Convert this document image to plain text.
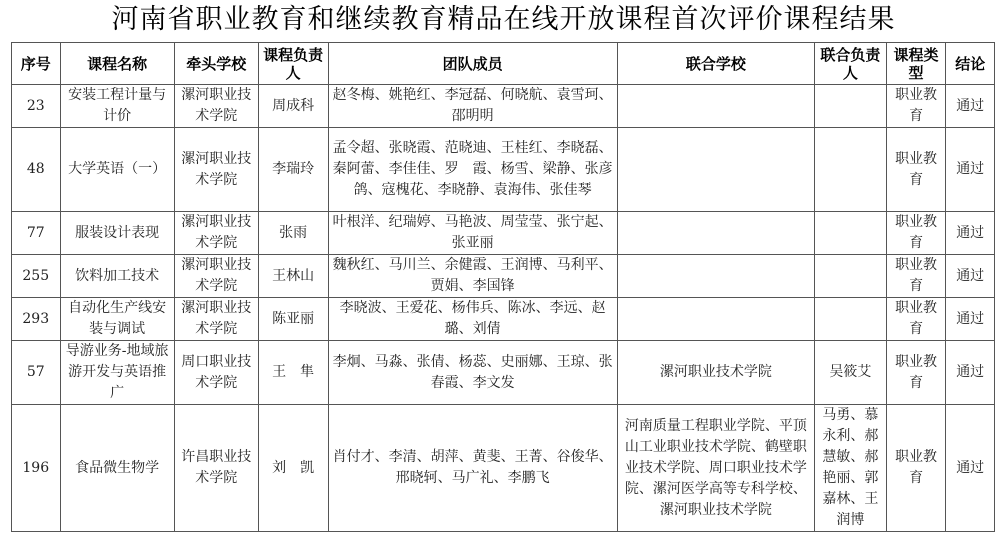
河南省职业教育和继续教育精品在线开放课程首次评价课程结果
序号	课程名称	牵头学校	课程负责人	团队成员	联合学校	联合负责人	课程类型	结论
23	安装工程计量与计价	漯河职业技术学院	周成科	赵冬梅、姚艳红、李冠磊、何晓航、袁雪珂、邵明明			职业教育	通过
48	大学英语（一）	漯河职业技术学院	李瑞玲	孟令超、张晓霞、范晓迪、王桂红、李晓磊、秦阿蕾、李佳佳、罗　霞、杨雪、梁静、张彦鸽、寇槐花、李晓静、袁海伟、张佳琴			职业教育	通过
77	服装设计表现	漯河职业技术学院	张雨	叶根洋、纪瑞婷、马艳波、周莹莹、张宁起、张亚丽			职业教育	通过
255	饮料加工技术	漯河职业技术学院	王林山	魏秋红、马川兰、余健霞、王润博、马利平、贾娟、李国锋			职业教育	通过
293	自动化生产线安装与调试	漯河职业技术学院	陈亚丽	李晓波、王爱花、杨伟兵、陈冰、李远、赵璐、刘倩			职业教育	通过
57	导游业务-地域旅游开发与英语推广	周口职业技术学院	王　隼	李炯、马淼、张倩、杨蕊、史丽娜、王琼、张春霞、李文发	漯河职业技术学院	吴筱艾	职业教育	通过
196	食品微生物学	许昌职业技术学院	刘　凯	肖付才、李清、胡萍、黄斐、王菁、谷俊华、邢晓轲、马广礼、李鹏飞	河南质量工程职业学院、平顶山工业职业技术学院、鹤壁职业技术学院、周口职业技术学院、漯河医学高等专科学校、漯河职业技术学院	马勇、慕永利、郝慧敏、郝艳丽、郭嘉林、王润博	职业教育	通过
